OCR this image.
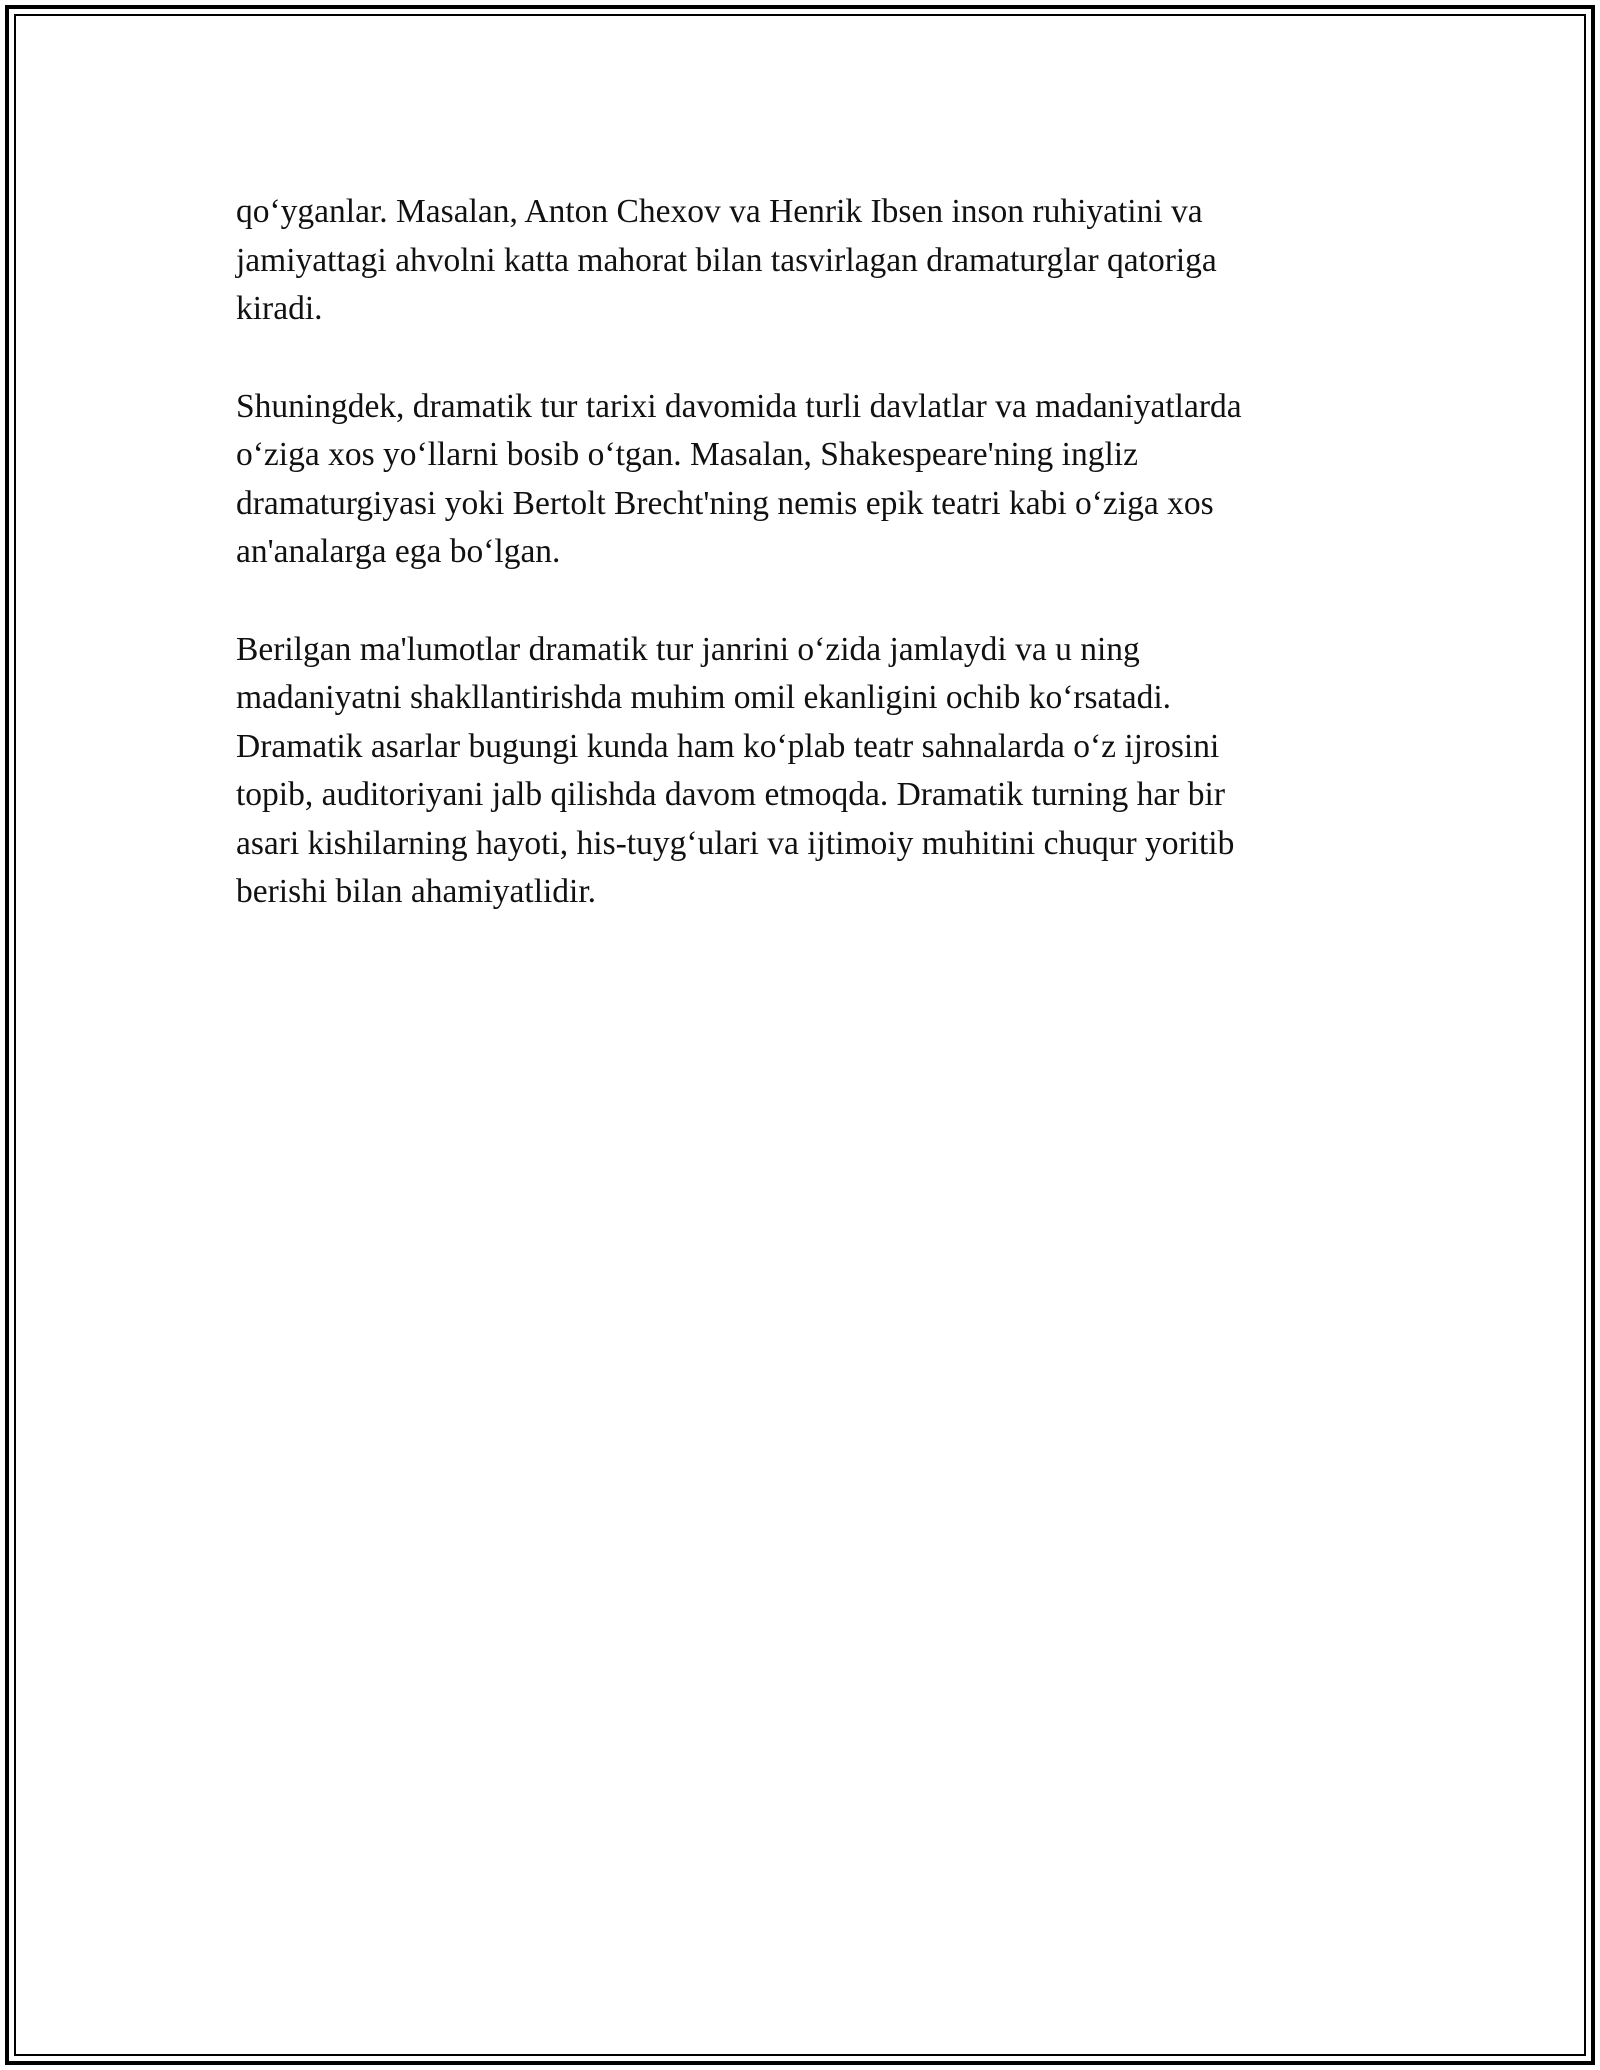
qo‘yganlar. Masalan, Anton Chexov va Henrik Ibsen inson ruhiyatini va
jamiyattagi ahvolni katta mahorat bilan tasvirlagan dramaturglar qatoriga
kiradi.

Shuningdek, dramatik tur tarixi davomida turli davlatlar va madaniyatlarda
o‘ziga xos yo‘llarni bosib o‘tgan. Masalan, Shakespeare'ning ingliz
dramaturgiyasi yoki Bertolt Brecht'ning nemis epik teatri kabi o‘ziga xos
an'analarga ega bo‘lgan.

Berilgan ma'lumotlar dramatik tur janrini o‘zida jamlaydi va u ning
madaniyatni shakllantirishda muhim omil ekanligini ochib ko‘rsatadi.
Dramatik asarlar bugungi kunda ham ko‘plab teatr sahnalarda o‘z ijrosini
topib, auditoriyani jalb qilishda davom etmoqda. Dramatik turning har bir
asari kishilarning hayoti, his-tuyg‘ulari va ijtimoiy muhitini chuqur yoritib
berishi bilan ahamiyatlidir.
